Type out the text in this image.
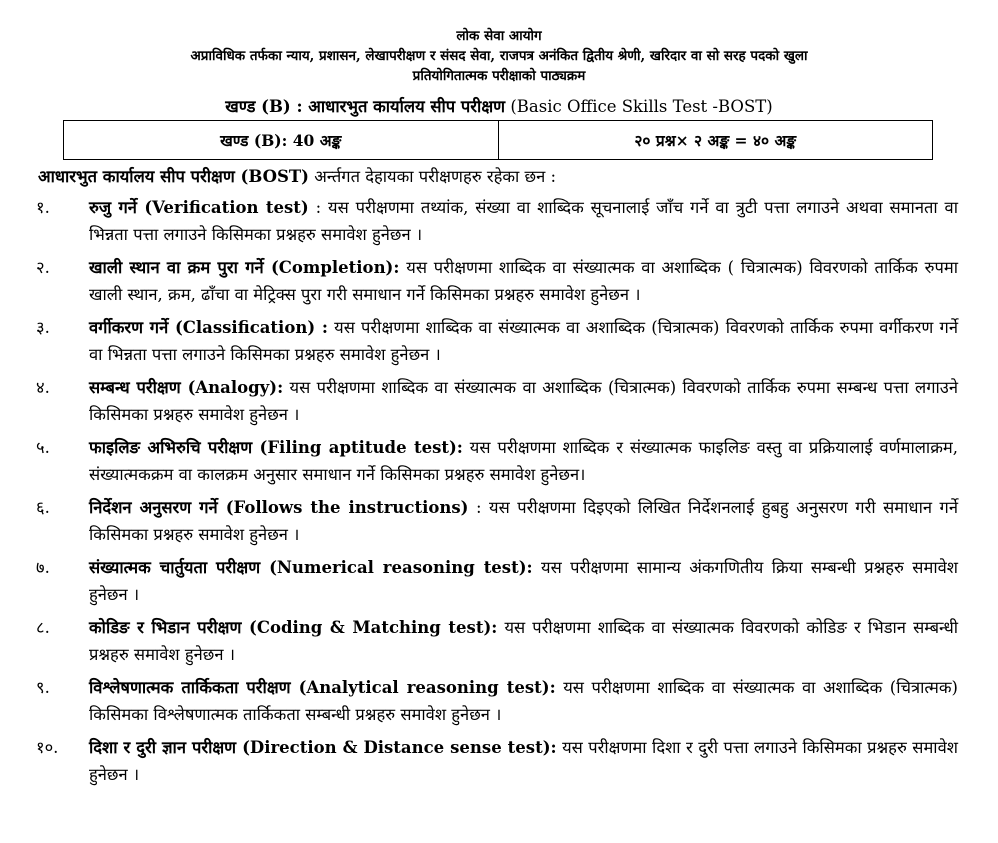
लोक सेवा आयोग
अप्राविधिक तर्फका न्याय, प्रशासन, लेखापरीक्षण र संसद सेवा, राजपत्र अनंकित द्वितीय श्रेणी, खरिदार वा सो सरह पदको खुला
प्रतियोगितात्मक परीक्षाको पाठ्यक्रम
खण्ड (B) : आधारभुत कार्यालय सीप परीक्षण (Basic Office Skills Test -BOST)
खण्ड (B): 40 अङ्क	२० प्रश्न× २ अङ्क = ४० अङ्क
आधारभुत कार्यालय सीप परीक्षण (BOST) अर्न्तगत देहायका परीक्षणहरु रहेका छन :
१.	रुजु गर्ने (Verification test) : यस परीक्षणमा तथ्यांक, संख्या वा शाब्दिक सूचनालाई जाँच गर्ने वा त्रुटी पत्ता लगाउने अथवा समानता वा भिन्नता पत्ता लगाउने किसिमका प्रश्नहरु समावेश हुनेछन ।
२.	खाली स्थान वा क्रम पुरा गर्ने (Completion): यस परीक्षणमा शाब्दिक वा संख्यात्मक वा अशाब्दिक ( चित्रात्मक) विवरणको तार्किक रुपमा खाली स्थान, क्रम, ढाँचा वा मेट्रिक्स पुरा गरी समाधान गर्ने किसिमका प्रश्नहरु समावेश हुनेछन ।
३.	वर्गीकरण गर्ने (Classification) : यस परीक्षणमा शाब्दिक वा संख्यात्मक वा अशाब्दिक (चित्रात्मक) विवरणको तार्किक रुपमा वर्गीकरण गर्ने वा भिन्नता पत्ता लगाउने किसिमका प्रश्नहरु समावेश हुनेछन ।
४.	सम्बन्ध परीक्षण (Analogy): यस परीक्षणमा शाब्दिक वा संख्यात्मक वा अशाब्दिक (चित्रात्मक) विवरणको तार्किक रुपमा सम्बन्ध पत्ता लगाउने किसिमका प्रश्नहरु समावेश हुनेछन ।
५.	फाइलिङ अभिरुचि परीक्षण (Filing aptitude test): यस परीक्षणमा शाब्दिक र संख्यात्मक फाइलिङ वस्तु वा प्रक्रियालाई वर्णमालाक्रम, संख्यात्मकक्रम वा कालक्रम अनुसार समाधान गर्ने किसिमका प्रश्नहरु समावेश हुनेछन।
६.	निर्देशन अनुसरण गर्ने (Follows the instructions) : यस परीक्षणमा दिइएको लिखित निर्देशनलाई हुबहु अनुसरण गरी समाधान गर्ने किसिमका प्रश्नहरु समावेश हुनेछन ।
७.	संख्यात्मक चार्तुयता परीक्षण (Numerical reasoning test): यस परीक्षणमा सामान्य अंकगणितीय क्रिया सम्बन्धी प्रश्नहरु समावेश हुनेछन ।
८.	कोडिङ र भिडान परीक्षण (Coding & Matching test): यस परीक्षणमा शाब्दिक वा संख्यात्मक विवरणको कोडिङ र भिडान सम्बन्धी प्रश्नहरु समावेश हुनेछन ।
९.	विश्लेषणात्मक तार्किकता परीक्षण (Analytical reasoning test): यस परीक्षणमा शाब्दिक वा संख्यात्मक वा अशाब्दिक (चित्रात्मक) किसिमका विश्लेषणात्मक तार्किकता सम्बन्धी प्रश्नहरु समावेश हुनेछन ।
१०.	दिशा र दुरी ज्ञान परीक्षण (Direction & Distance sense test): यस परीक्षणमा दिशा र दुरी पत्ता लगाउने किसिमका प्रश्नहरु समावेश हुनेछन ।
